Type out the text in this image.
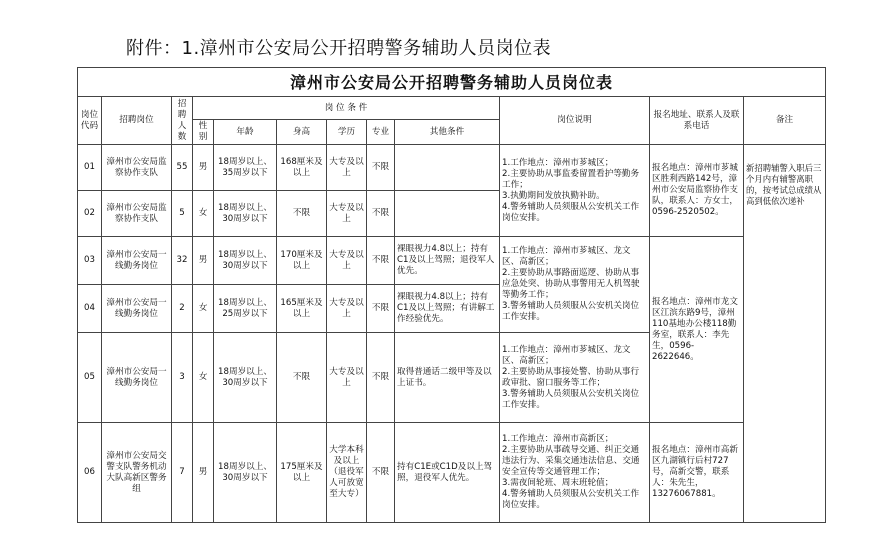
附件：1.漳州市公安局公开招聘警务辅助人员岗位表
漳州市公安局公开招聘警务辅助人员岗位表											
岗位代码	招聘岗位	招聘人数	岗 位 条 件						岗位说明	报名地址、联系人及联系电话	备注
			性别	年龄	身高	学历	专业	其他条件			
01	漳州市公安局监察协作支队	55	男	18周岁以上、35周岁以下	168厘米及以上	大专及以上	不限		1.工作地点：漳州市芗城区；
2.主要协助从事监委留置看护等勤务工作；
3.执勤期间发放执勤补助。
4.警务辅助人员须服从公安机关工作岗位安排。	报名地点：漳州市芗城区胜利西路142号，漳州市公安局监察协作支队，联系人：方女士，0596-2520502。	新招聘辅警入职后三个月内有辅警离职的，按考试总成绩从高到低依次递补
02	漳州市公安局监察协作支队	5	女	18周岁以上、30周岁以下	不限	大专及以上	不限				
03	漳州市公安局一线勤务岗位	32	男	18周岁以上、30周岁以下	170厘米及以上	大专及以上	不限	裸眼视力4.8以上；持有C1及以上驾照；退役军人优先。	1.工作地点：漳州市芗城区、龙文区、高新区；
2.主要协助从事路面巡逻、协助从事应急处突、协助从事警用无人机驾驶等勤务工作；
3.警务辅助人员须服从公安机关岗位工作安排。	报名地点：漳州市龙文区江滨东路9号，漳州110基地办公楼118勤务室，联系人：李先生，0596-2622646。	
04	漳州市公安局一线勤务岗位	2	女	18周岁以上、25周岁以下	165厘米及以上	大专及以上	不限	裸眼视力4.8以上；持有C1及以上驾照；有讲解工作经验优先。			
05	漳州市公安局一线勤务岗位	3	女	18周岁以上、30周岁以下	不限	大专及以上	不限	取得普通话二级甲等及以上证书。	1.工作地点：漳州市芗城区、龙文区、高新区；
2.主要协助从事接处警、协助从事行政审批、窗口服务等工作；
3.警务辅助人员须服从公安机关岗位工作安排。		
06	漳州市公安局交警支队警务机动大队高新区警务组	7	男	18周岁以上、30周岁以下	175厘米及以上	大学本科及以上（退役军人可放宽至大专）	不限	持有C1E或C1D及以上驾照，退役军人优先。	1.工作地点：漳州市高新区；
2.主要协助从事疏导交通、纠正交通违法行为、采集交通违法信息、交通安全宣传等交通管理工作；
3.需夜间轮班、周末班轮值；
4.警务辅助人员须服从公安机关工作岗位安排。	报名地点：漳州市高新区九湖镇行后村727号，高新交警，联系人：朱先生，13276067881。	
